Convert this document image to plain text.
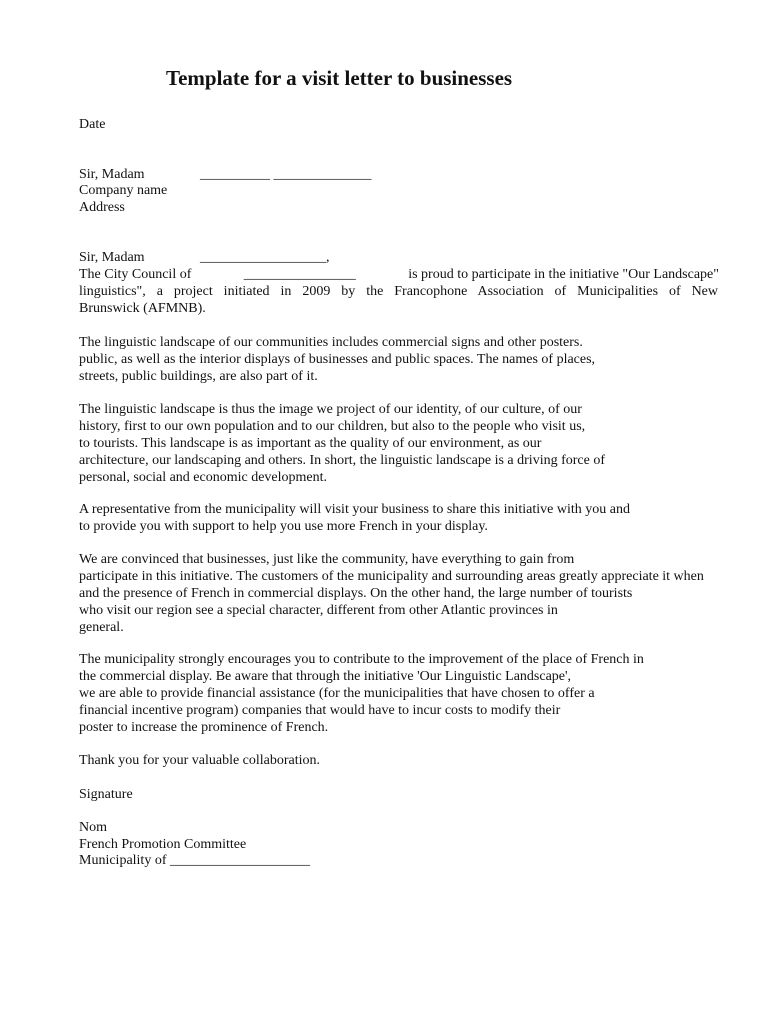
Template for a visit letter to businesses
Date
Sir, Madam	__________ ______________
Company name
Address
Sir, Madam	__________________,
The City Council of	________________	is proud to participate in the initiative "Our Landscape"
linguistics", a project initiated in 2009 by the Francophone Association of Municipalities of New
Brunswick (AFMNB).
The linguistic landscape of our communities includes commercial signs and other posters.
public, as well as the interior displays of businesses and public spaces. The names of places,
streets, public buildings, are also part of it.
The linguistic landscape is thus the image we project of our identity, of our culture, of our
history, first to our own population and to our children, but also to the people who visit us,
to tourists. This landscape is as important as the quality of our environment, as our
architecture, our landscaping and others. In short, the linguistic landscape is a driving force of
personal, social and economic development.
A representative from the municipality will visit your business to share this initiative with you and
to provide you with support to help you use more French in your display.
We are convinced that businesses, just like the community, have everything to gain from
participate in this initiative. The customers of the municipality and surrounding areas greatly appreciate it when
and the presence of French in commercial displays. On the other hand, the large number of tourists
who visit our region see a special character, different from other Atlantic provinces in
general.
The municipality strongly encourages you to contribute to the improvement of the place of French in
the commercial display. Be aware that through the initiative 'Our Linguistic Landscape',
we are able to provide financial assistance (for the municipalities that have chosen to offer a
financial incentive program) companies that would have to incur costs to modify their
poster to increase the prominence of French.
Thank you for your valuable collaboration.
Signature
Nom
French Promotion Committee
Municipality of ____________________
